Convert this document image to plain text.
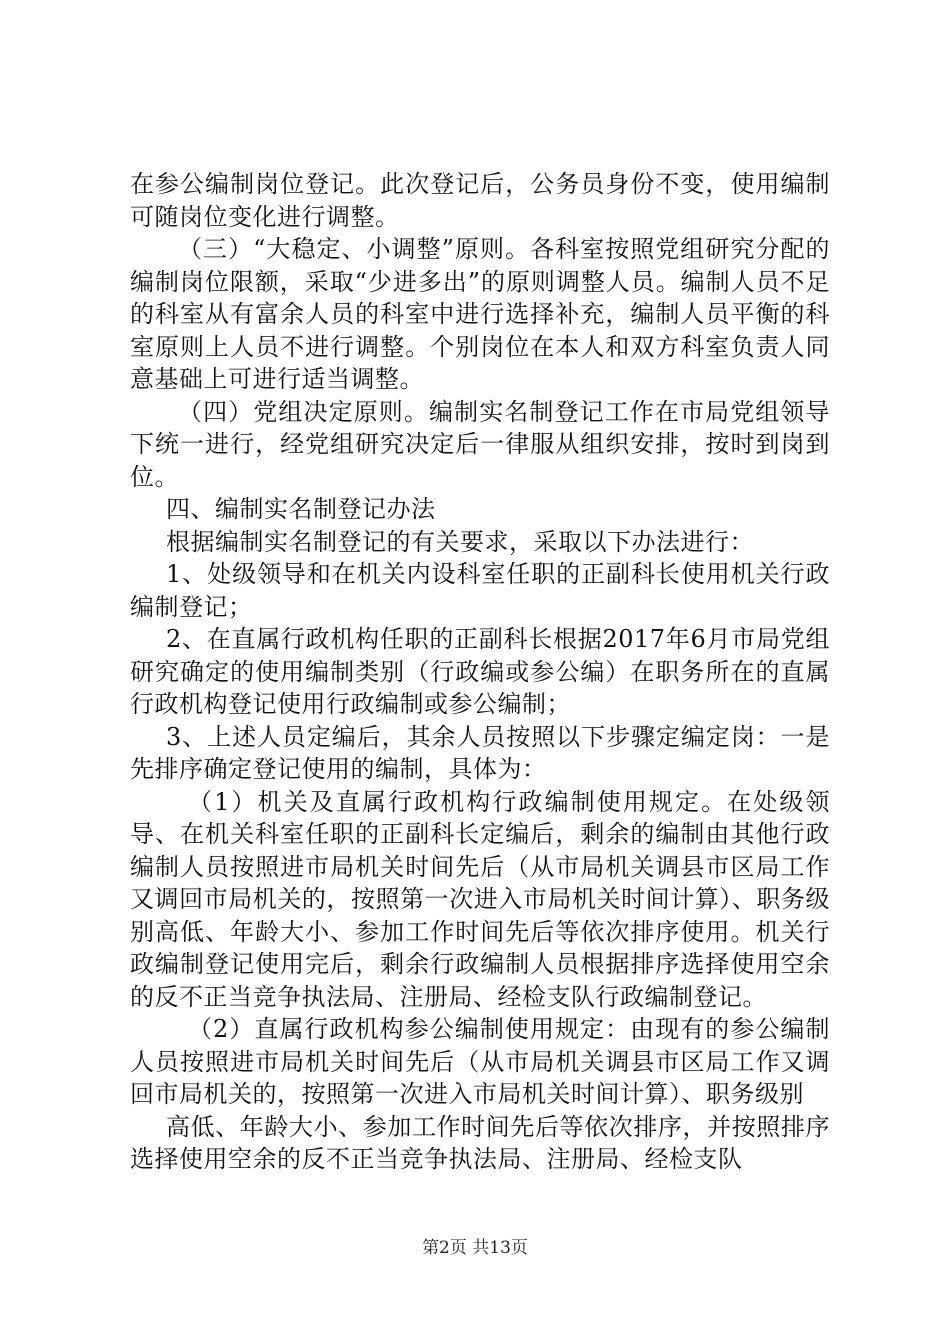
在参公编制岗位登记。此次登记后，公务员身份不变，使用编制可随岗位变化进行调整。

（三）“大稳定、小调整”原则。各科室按照党组研究分配的编制岗位限额，采取“少进多出”的原则调整人员。编制人员不足的科室从有富余人员的科室中进行选择补充，编制人员平衡的科室原则上人员不进行调整。个别岗位在本人和双方科室负责人同意基础上可进行适当调整。

（四）党组决定原则。编制实名制登记工作在市局党组领导下统一进行，经党组研究决定后一律服从组织安排，按时到岗到位。

四、编制实名制登记办法

根据编制实名制登记的有关要求，采取以下办法进行：

1、处级领导和在机关内设科室任职的正副科长使用机关行政编制登记；

2、在直属行政机构任职的正副科长根据2017年6月市局党组研究确定的使用编制类别（行政编或参公编）在职务所在的直属行政机构登记使用行政编制或参公编制；

3、上述人员定编后，其余人员按照以下步骤定编定岗：一是先排序确定登记使用的编制，具体为：

（1）机关及直属行政机构行政编制使用规定。在处级领导、在机关科室任职的正副科长定编后，剩余的编制由其他行政编制人员按照进市局机关时间先后（从市局机关调县市区局工作又调回市局机关的，按照第一次进入市局机关时间计算）、职务级别高低、年龄大小、参加工作时间先后等依次排序使用。机关行政编制登记使用完后，剩余行政编制人员根据排序选择使用空余的反不正当竞争执法局、注册局、经检支队行政编制登记。

（2）直属行政机构参公编制使用规定：由现有的参公编制人员按照进市局机关时间先后（从市局机关调县市区局工作又调回市局机关的，按照第一次进入市局机关时间计算）、职务级别

高低、年龄大小、参加工作时间先后等依次排序，并按照排序选择使用空余的反不正当竞争执法局、注册局、经检支队

第2页 共13页
